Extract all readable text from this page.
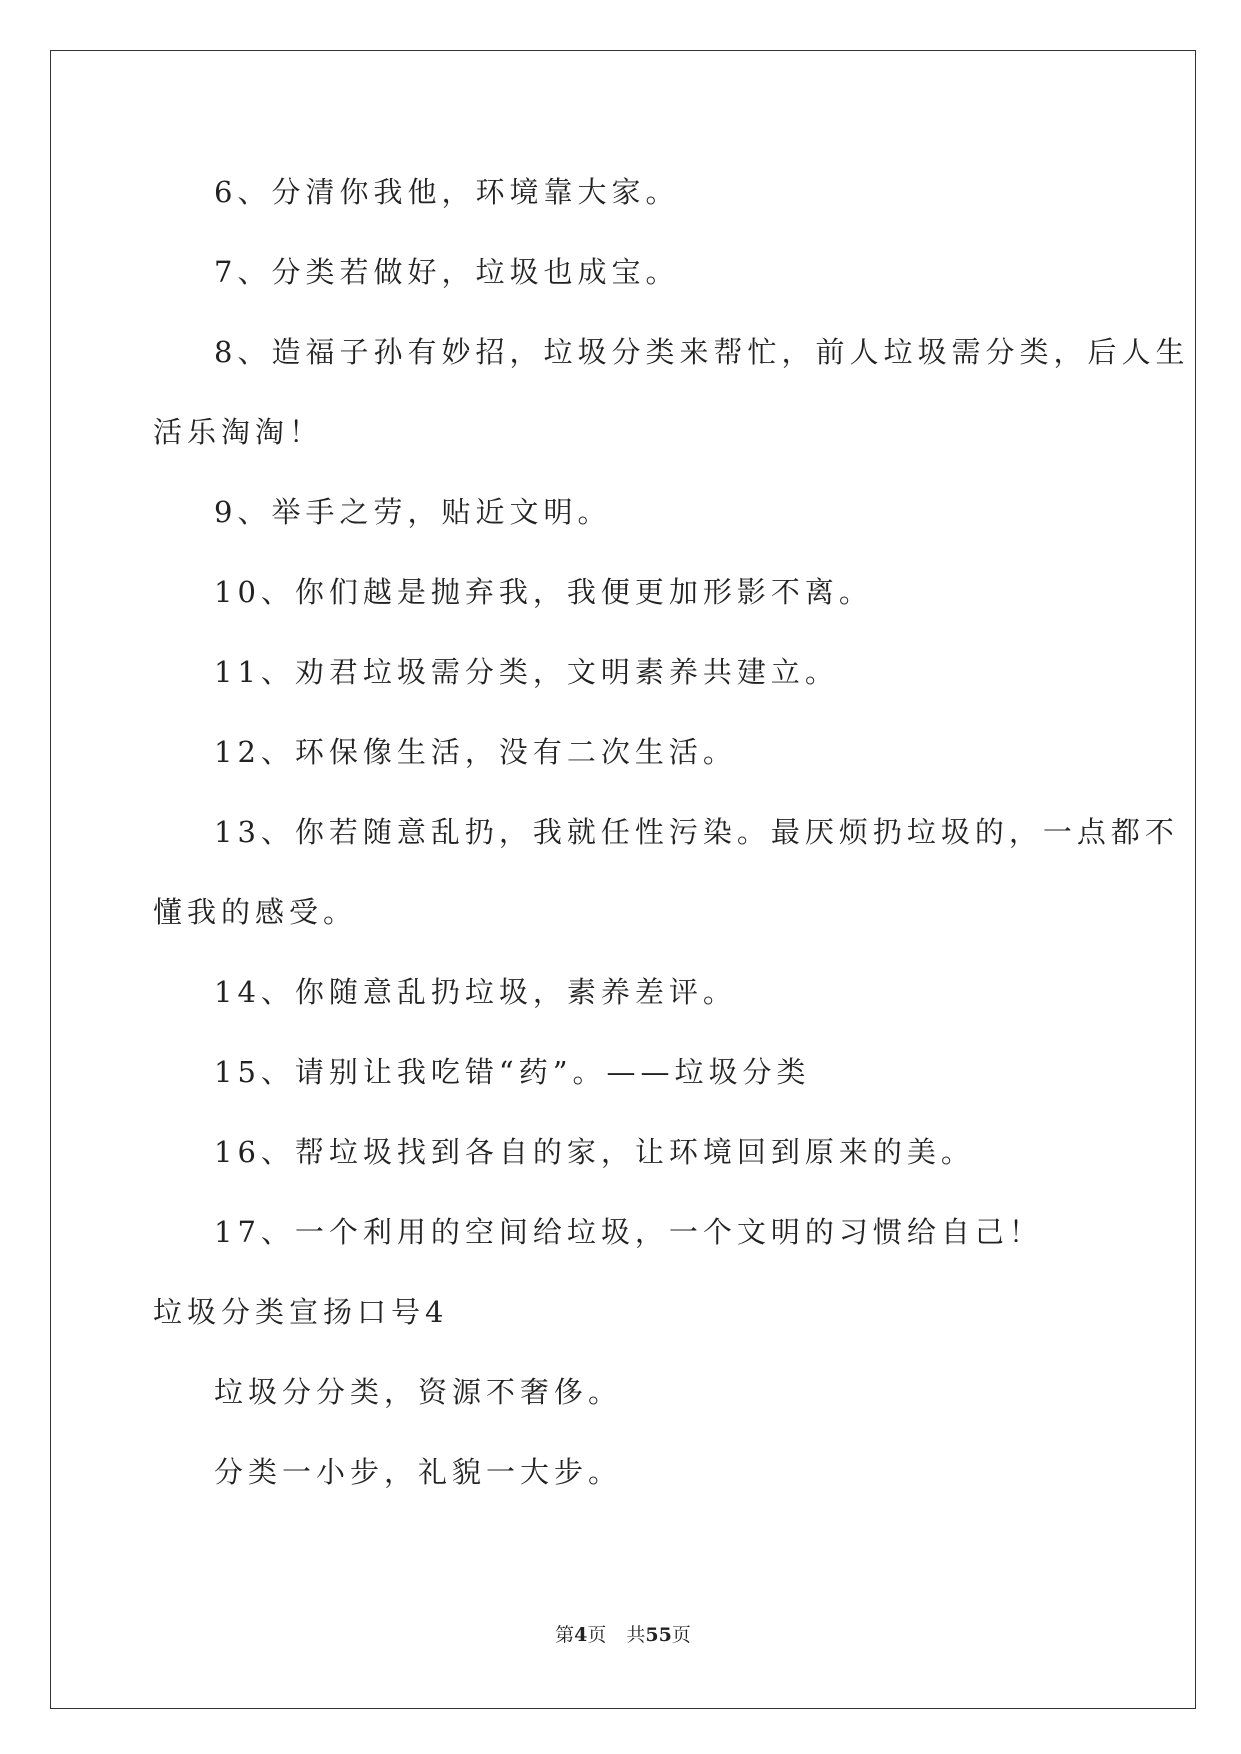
6、分清你我他，环境靠大家。

7、分类若做好，垃圾也成宝。

8、造福子孙有妙招，垃圾分类来帮忙，前人垃圾需分类，后人生

活乐淘淘！

9、举手之劳，贴近文明。

10、你们越是抛弃我，我便更加形影不离。

11、劝君垃圾需分类，文明素养共建立。

12、环保像生活，没有二次生活。

13、你若随意乱扔，我就任性污染。最厌烦扔垃圾的，一点都不

懂我的感受。

14、你随意乱扔垃圾，素养差评。

15、请别让我吃错“药”。——垃圾分类

16、帮垃圾找到各自的家，让环境回到原来的美。

17、一个利用的空间给垃圾，一个文明的习惯给自己！

垃圾分类宣扬口号4

垃圾分分类，资源不奢侈。

分类一小步，礼貌一大步。

第4页 共55页
